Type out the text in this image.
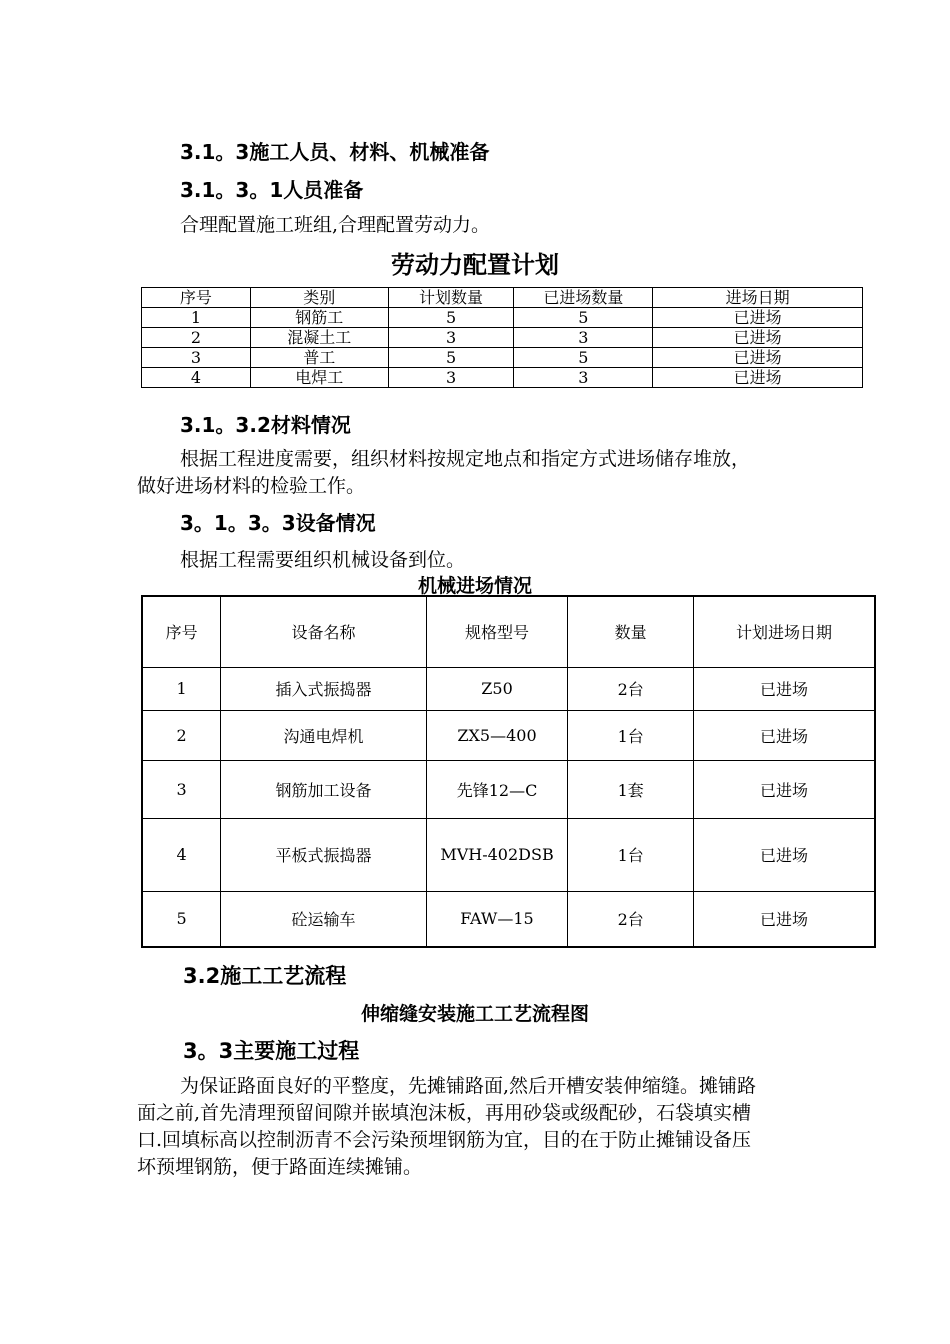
3.1。3施工人员、材料、机械准备
3.1。3。1人员准备
合理配置施工班组,合理配置劳动力。
劳动力配置计划
序号	类别	计划数量	已进场数量	进场日期
1	钢筋工	5	5	已进场
2	混凝土工	3	3	已进场
3	普工	5	5	已进场
4	电焊工	3	3	已进场
3.1。3.2材料情况
根据工程进度需要，组织材料按规定地点和指定方式进场储存堆放，
做好进场材料的检验工作。
3。1。3。3设备情况
根据工程需要组织机械设备到位。
机械进场情况
序号	设备名称	规格型号	数量	计划进场日期
1	插入式振捣器	Z50	2台	已进场
2	沟通电焊机	ZX5—400	1台	已进场
3	钢筋加工设备	先锋12—C	1套	已进场
4	平板式振捣器	MVH-402DSB	1台	已进场
5	砼运输车	FAW—15	2台	已进场
3.2施工工艺流程
伸缩缝安装施工工艺流程图
3。3主要施工过程
为保证路面良好的平整度，先摊铺路面,然后开槽安装伸缩缝。摊铺路
面之前,首先清理预留间隙并嵌填泡沫板，再用砂袋或级配砂，石袋填实槽
口.回填标高以控制沥青不会污染预埋钢筋为宜，目的在于防止摊铺设备压
坏预埋钢筋，便于路面连续摊铺。
